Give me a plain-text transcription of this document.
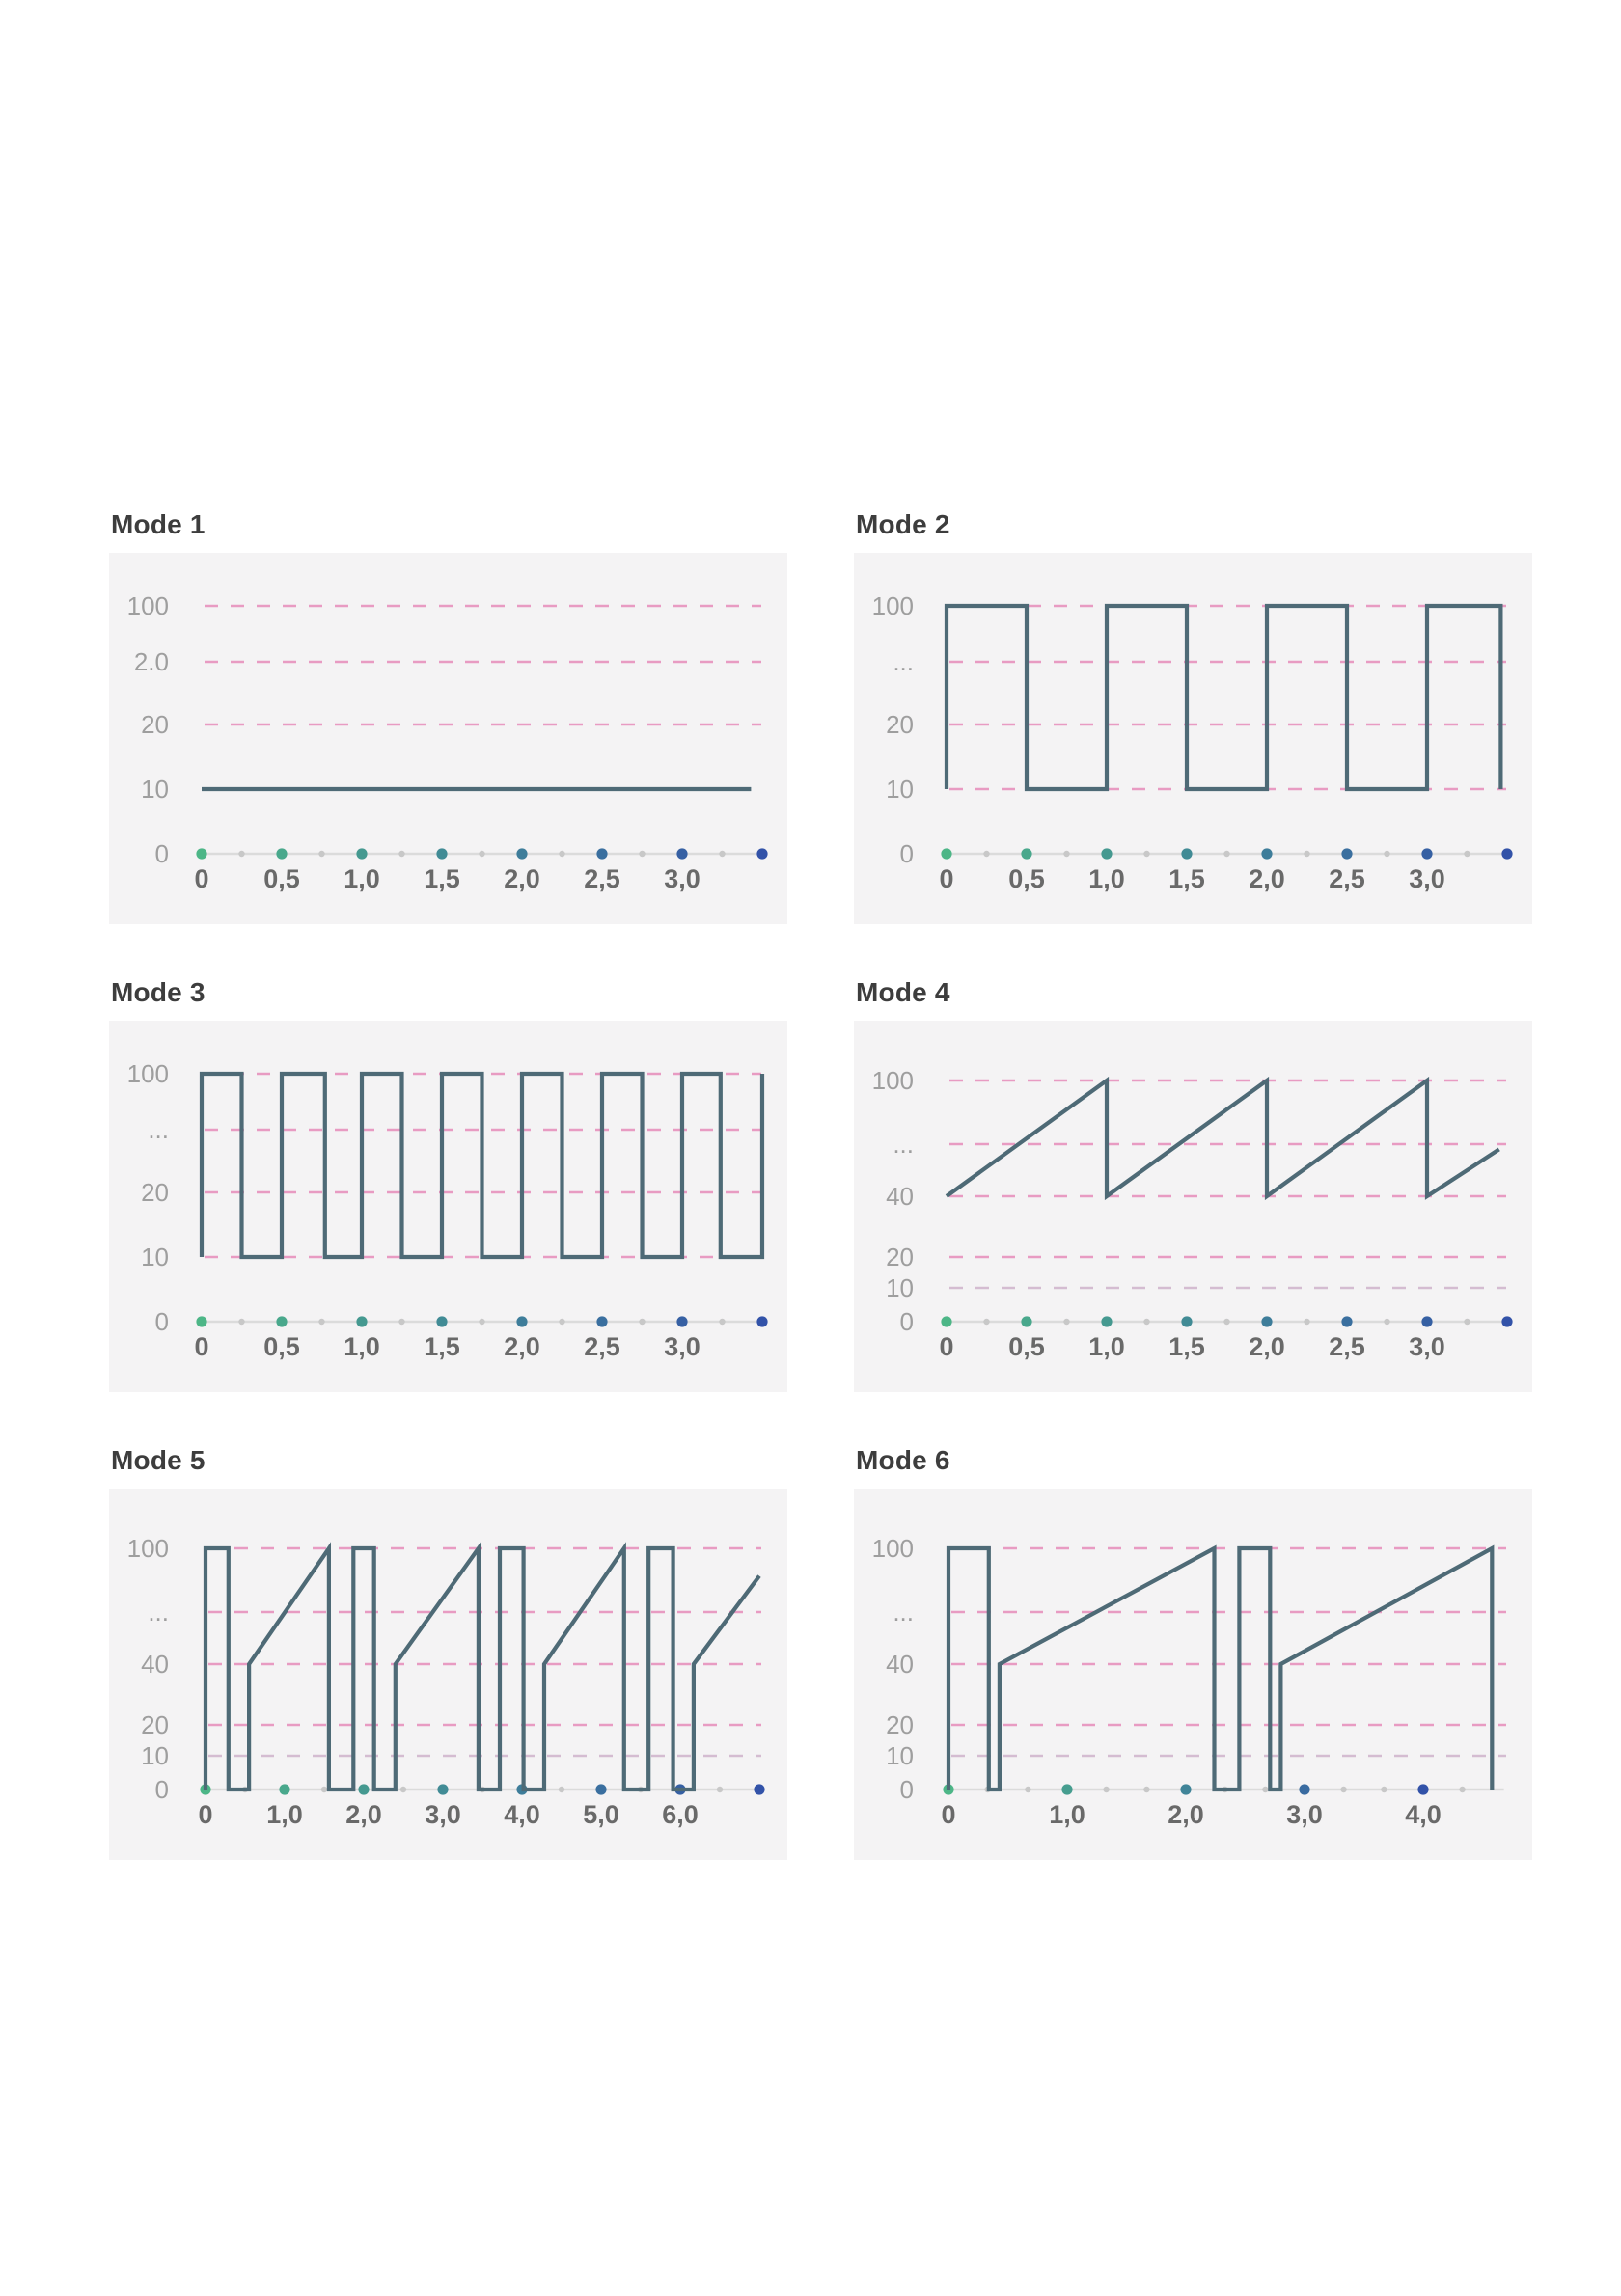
Mode 1
100
2.0
20
10
0
0 0,5 1,0 1,5 2,0 2,5 3,0
Mode 2
100
...
20
10
0
0 0,5 1,0 1,5 2,0 2,5 3,0
Mode 3
100
...
20
10
0
0 0,5 1,0 1,5 2,0 2,5 3,0
Mode 4
100
...
40
20
10
0
0 0,5 1,0 1,5 2,0 2,5 3,0
Mode 5
100
...
40
20
10
0
0 1,0 2,0 3,0 4,0 5,0 6,0
Mode 6
100
...
40
20
10
0
0	1,0	2,0	3,0	4,0
